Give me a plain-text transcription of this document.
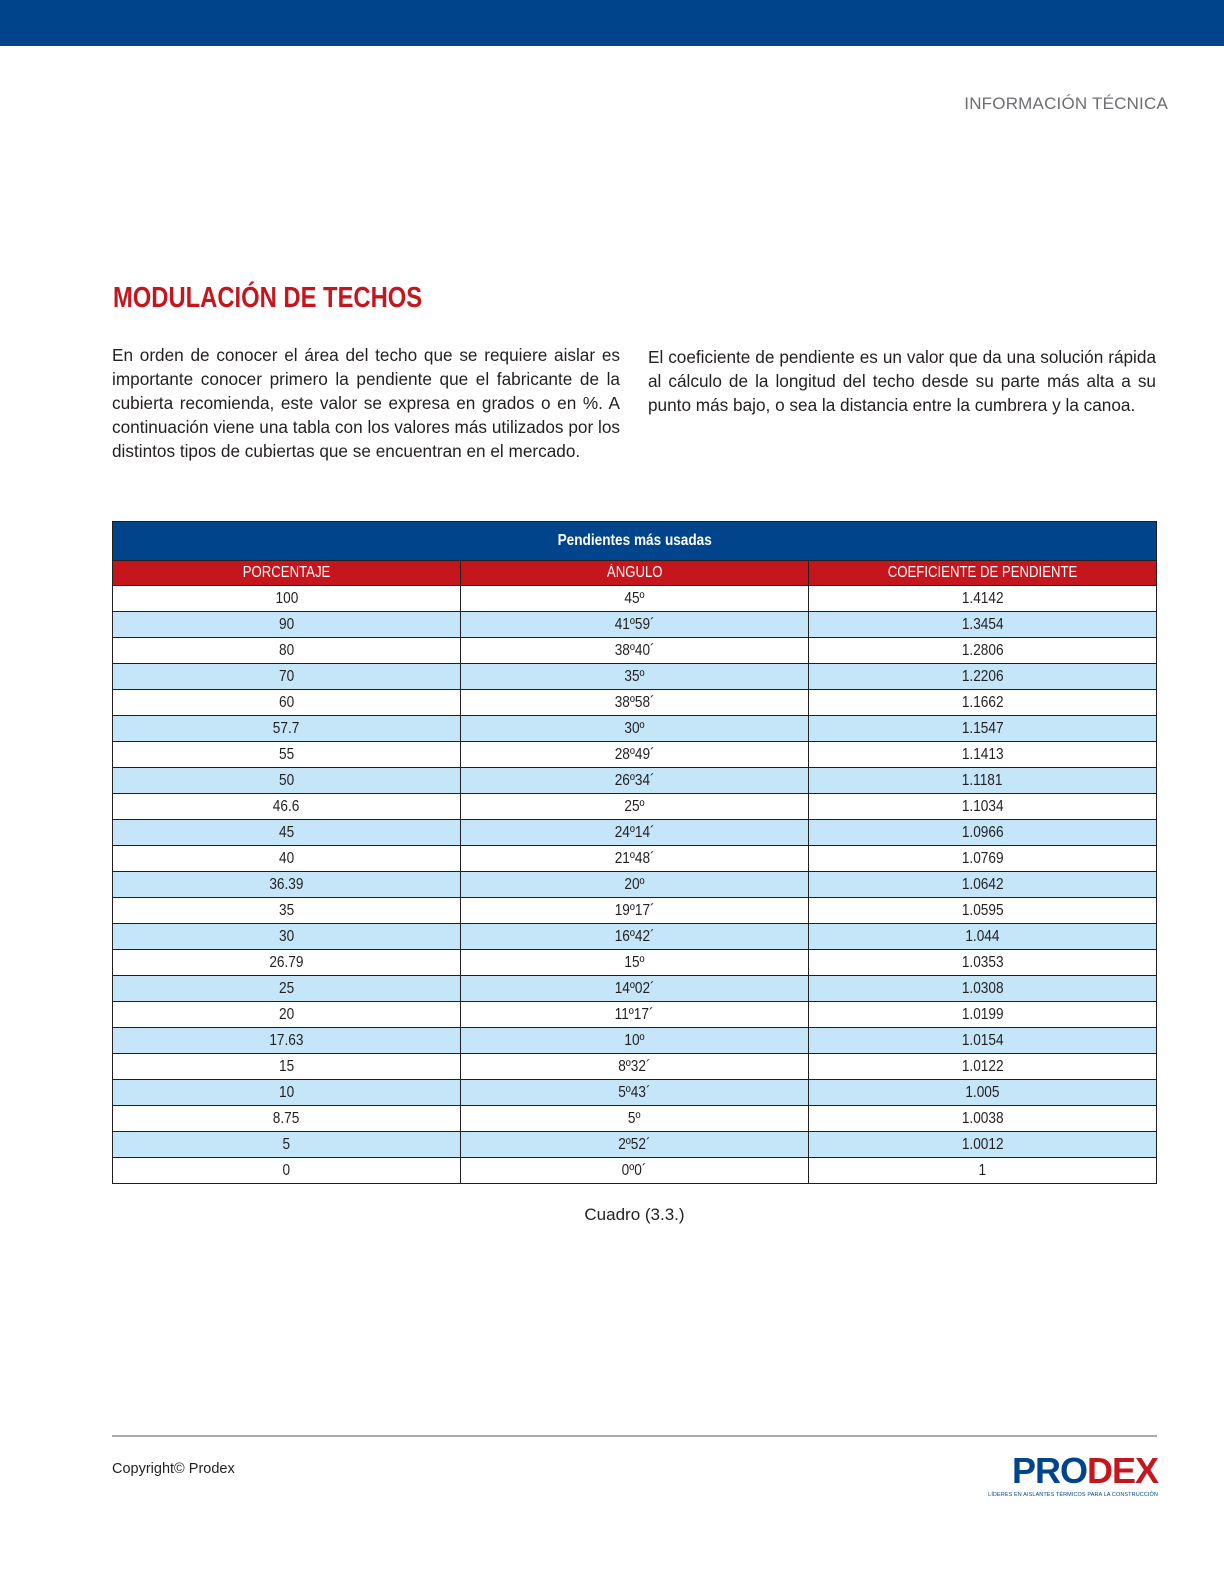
INFORMACIÓN TÉCNICA
MODULACIÓN DE TECHOS

En orden de conocer el área del techo que se requiere aislar es importante conocer primero la pendiente que el fabricante de la cubierta recomienda, este valor se expresa en grados o en %. A continuación viene una tabla con los valores más utilizados por los distintos tipos de cubiertas que se encuentran en el mercado.

El coeficiente de pendiente es un valor que da una solución rápida al cálculo de la longitud del techo desde su parte más alta a su punto más bajo, o sea la distancia entre la cumbrera y la canoa.

Pendientes más usadas		
PORCENTAJE	ÁNGULO	COEFICIENTE DE PENDIENTE
100	45º	1.4142
90	41º59´	1.3454
80	38º40´	1.2806
70	35º	1.2206
60	38º58´	1.1662
57.7	30º	1.1547
55	28º49´	1.1413
50	26º34´	1.1181
46.6	25º	1.1034
45	24º14´	1.0966
40	21º48´	1.0769
36.39	20º	1.0642
35	19º17´	1.0595
30	16º42´	1.044
26.79	15º	1.0353
25	14º02´	1.0308
20	11º17´	1.0199
17.63	10º	1.0154
15	8º32´	1.0122
10	5º43´	1.005
8.75	5º	1.0038
5	2º52´	1.0012
0	0º0´	1
Cuadro (3.3.)
Copyright© Prodex	PRODEX
LÍDERES EN AISLANTES TÉRMICOS PARA LA CONSTRUCCIÓN
